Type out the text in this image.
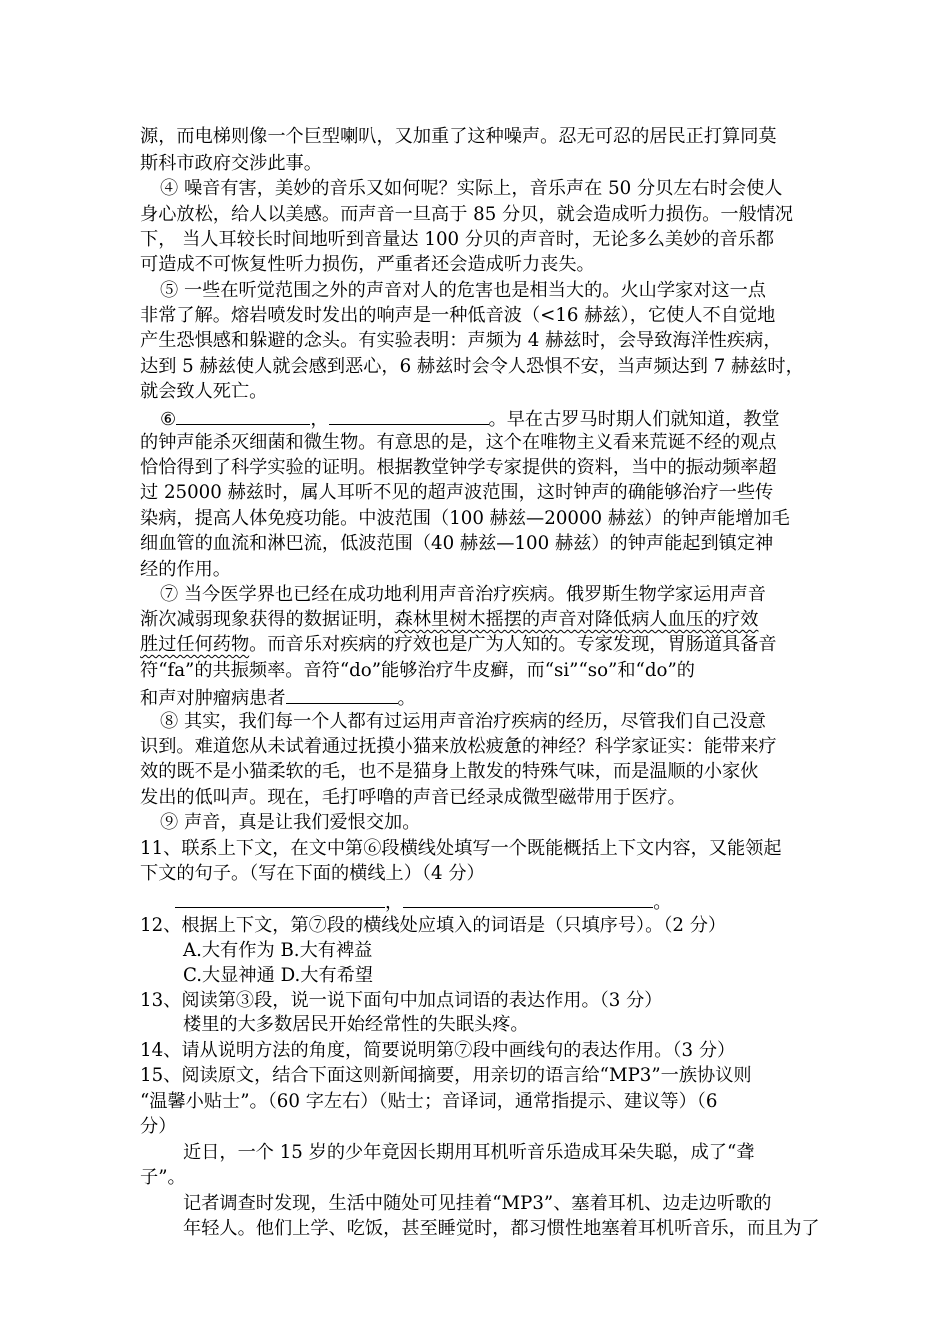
源，而电梯则像一个巨型喇叭，又加重了这种噪声。忍无可忍的居民正打算同莫
斯科市政府交涉此事。
④ 噪音有害，美妙的音乐又如何呢？实际上，音乐声在 50 分贝左右时会使人
身心放松，给人以美感。而声音一旦高于 85 分贝，就会造成听力损伤。一般情况
下， 当人耳较长时间地听到音量达 100 分贝的声音时，无论多么美妙的音乐都
可造成不可恢复性听力损伤，严重者还会造成听力丧失。
⑤ 一些在听觉范围之外的声音对人的危害也是相当大的。火山学家对这一点
非常了解。熔岩喷发时发出的响声是一种低音波（<16 赫兹），它使人不自觉地
产生恐惧感和躲避的念头。有实验表明：声频为 4 赫兹时，会导致海洋性疾病，
达到 5 赫兹使人就会感到恶心，6 赫兹时会令人恐惧不安，当声频达到 7 赫兹时，
就会致人死亡。
⑥	，	。早在古罗马时期人们就知道，教堂
的钟声能杀灭细菌和微生物。有意思的是，这个在唯物主义看来荒诞不经的观点
恰恰得到了科学实验的证明。根据教堂钟学专家提供的资料，当中的振动频率超
过 25000 赫兹时，属人耳听不见的超声波范围，这时钟声的确能够治疗一些传
染病，提高人体免疫功能。中波范围（100 赫兹—20000 赫兹）的钟声能增加毛
细血管的血流和淋巴流，低波范围（40 赫兹—100 赫兹）的钟声能起到镇定神
经的作用。
⑦ 当今医学界也已经在成功地利用声音治疗疾病。俄罗斯生物学家运用声音
渐次减弱现象获得的数据证明，森林里树木摇摆的声音对降低病人血压的疗效
胜过任何药物。而音乐对疾病的疗效也是广为人知的。专家发现，胃肠道具备音
符“fa”的共振频率。音符“do”能够治疗牛皮癣，而“si”“so”和“do”的
和声对肿瘤病患者	。
⑧ 其实，我们每一个人都有过运用声音治疗疾病的经历，尽管我们自己没意
识到。难道您从未试着通过抚摸小猫来放松疲惫的神经？科学家证实：能带来疗
效的既不是小猫柔软的毛，也不是猫身上散发的特殊气味，而是温顺的小家伙
发出的低叫声。现在，毛打呼噜的声音已经录成微型磁带用于医疗。
⑨ 声音，真是让我们爱恨交加。
11、联系上下文，在文中第⑥段横线处填写一个既能概括上下文内容，又能领起
下文的句子。（写在下面的横线上）（4 分）
，	。
12、根据上下文，第⑦段的横线处应填入的词语是（只填序号）。（2 分）
A.大有作为 B.大有裨益
C.大显神通 D.大有希望
13、阅读第③段，说一说下面句中加点词语的表达作用。（3 分）
楼里的大多数居民开始经常性的失眠头疼。
14、请从说明方法的角度，简要说明第⑦段中画线句的表达作用。（3 分）
15、阅读原文，结合下面这则新闻摘要，用亲切的语言给“MP3”一族协议则
“温馨小贴士”。（60 字左右）（贴士；音译词，通常指提示、建议等）（6
分）
近日，一个 15 岁的少年竟因长期用耳机听音乐造成耳朵失聪，成了“聋
子”。
记者调查时发现，生活中随处可见挂着“MP3”、塞着耳机、边走边听歌的
年轻人。他们上学、吃饭，甚至睡觉时，都习惯性地塞着耳机听音乐，而且为了
